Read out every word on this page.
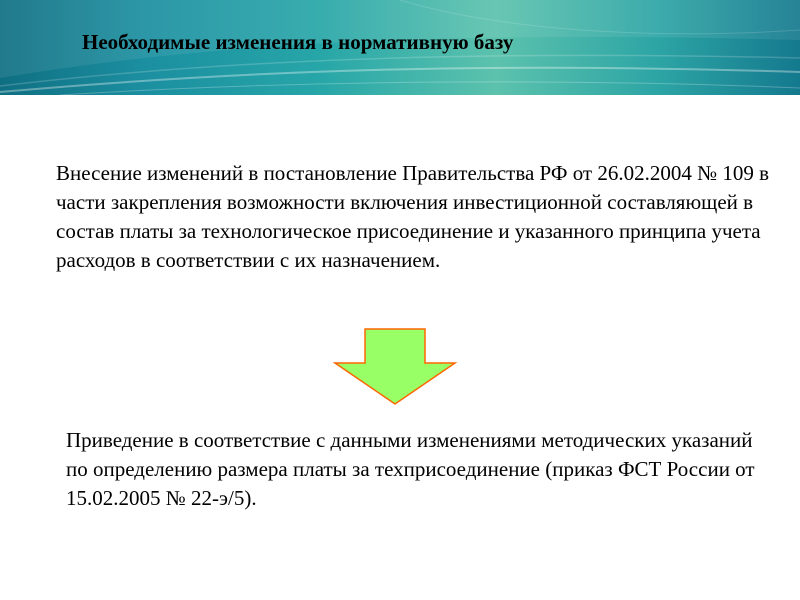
Необходимые изменения в нормативную базу

Внесение изменений в постановление Правительства РФ от 26.02.2004 № 109 в части закрепления возможности включения инвестиционной составляющей в состав платы за технологическое присоединение и указанного принципа учета расходов в соответствии с их назначением.

Приведение в соответствие с данными изменениями методических указаний по определению размера платы за техприсоединение (приказ ФСТ России от 15.02.2005 № 22-э/5).
